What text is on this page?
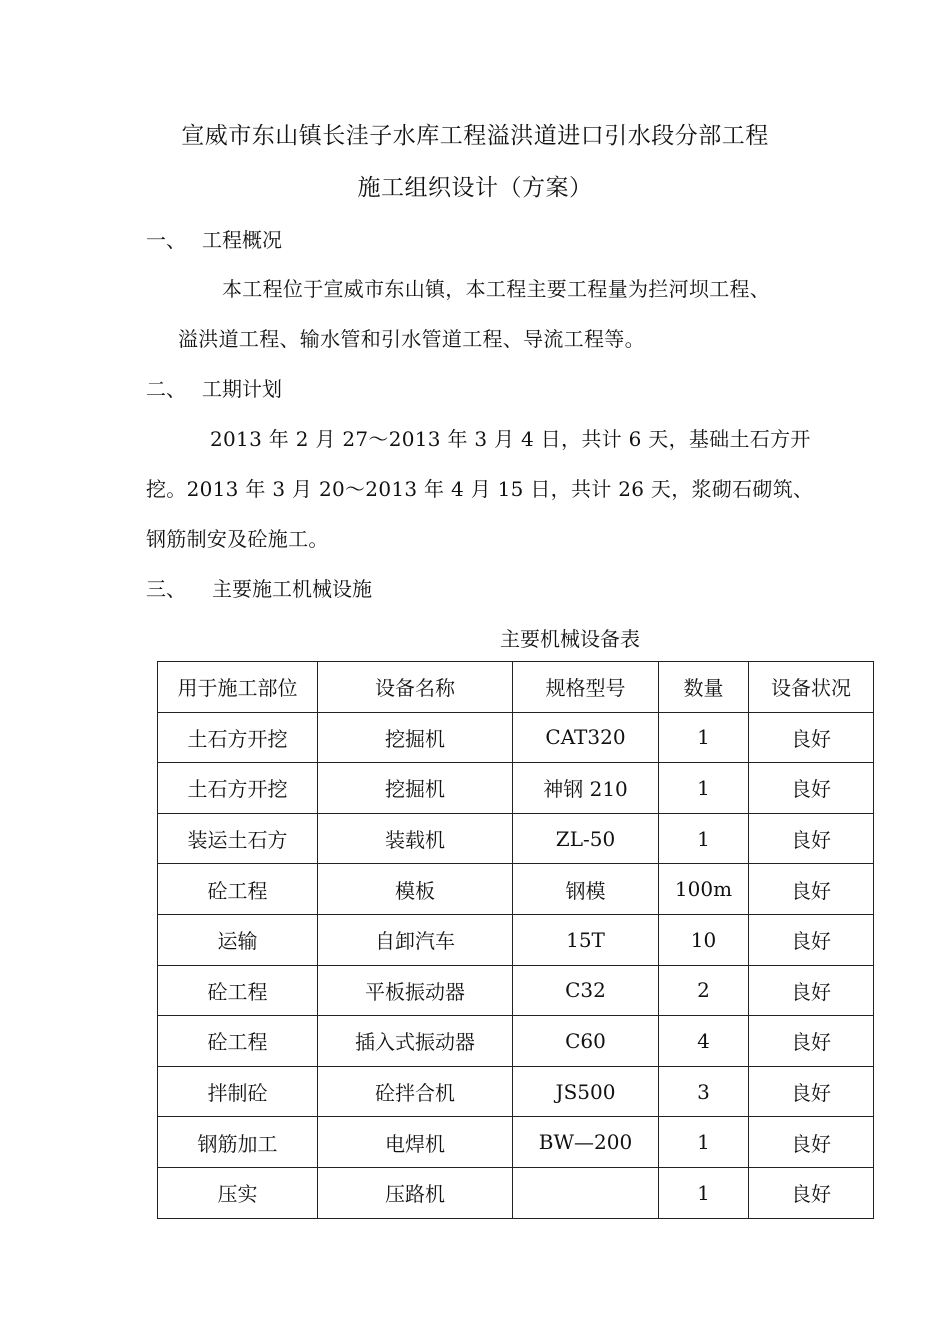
宣威市东山镇长洼子水库工程溢洪道进口引水段分部工程
施工组织设计（方案）
一、 工程概况
本工程位于宣威市东山镇，本工程主要工程量为拦河坝工程、
溢洪道工程、输水管和引水管道工程、导流工程等。
二、 工期计划
2013 年 2 月 27～2013 年 3 月 4 日，共计 6 天，基础土石方开
挖。2013 年 3 月 20～2013 年 4 月 15 日，共计 26 天，浆砌石砌筑、
钢筋制安及砼施工。
三、 主要施工机械设施
主要机械设备表
用于施工部位	设备名称	规格型号	数量	设备状况
土石方开挖	挖掘机	CAT320	1	良好
土石方开挖	挖掘机	神钢 210	1	良好
装运土石方	装载机	ZL-50	1	良好
砼工程	模板	钢模	100m	良好
运输	自卸汽车	15T	10	良好
砼工程	平板振动器	C32	2	良好
砼工程	插入式振动器	C60	4	良好
拌制砼	砼拌合机	JS500	3	良好
钢筋加工	电焊机	BW—200	1	良好
压实	压路机		1	良好
